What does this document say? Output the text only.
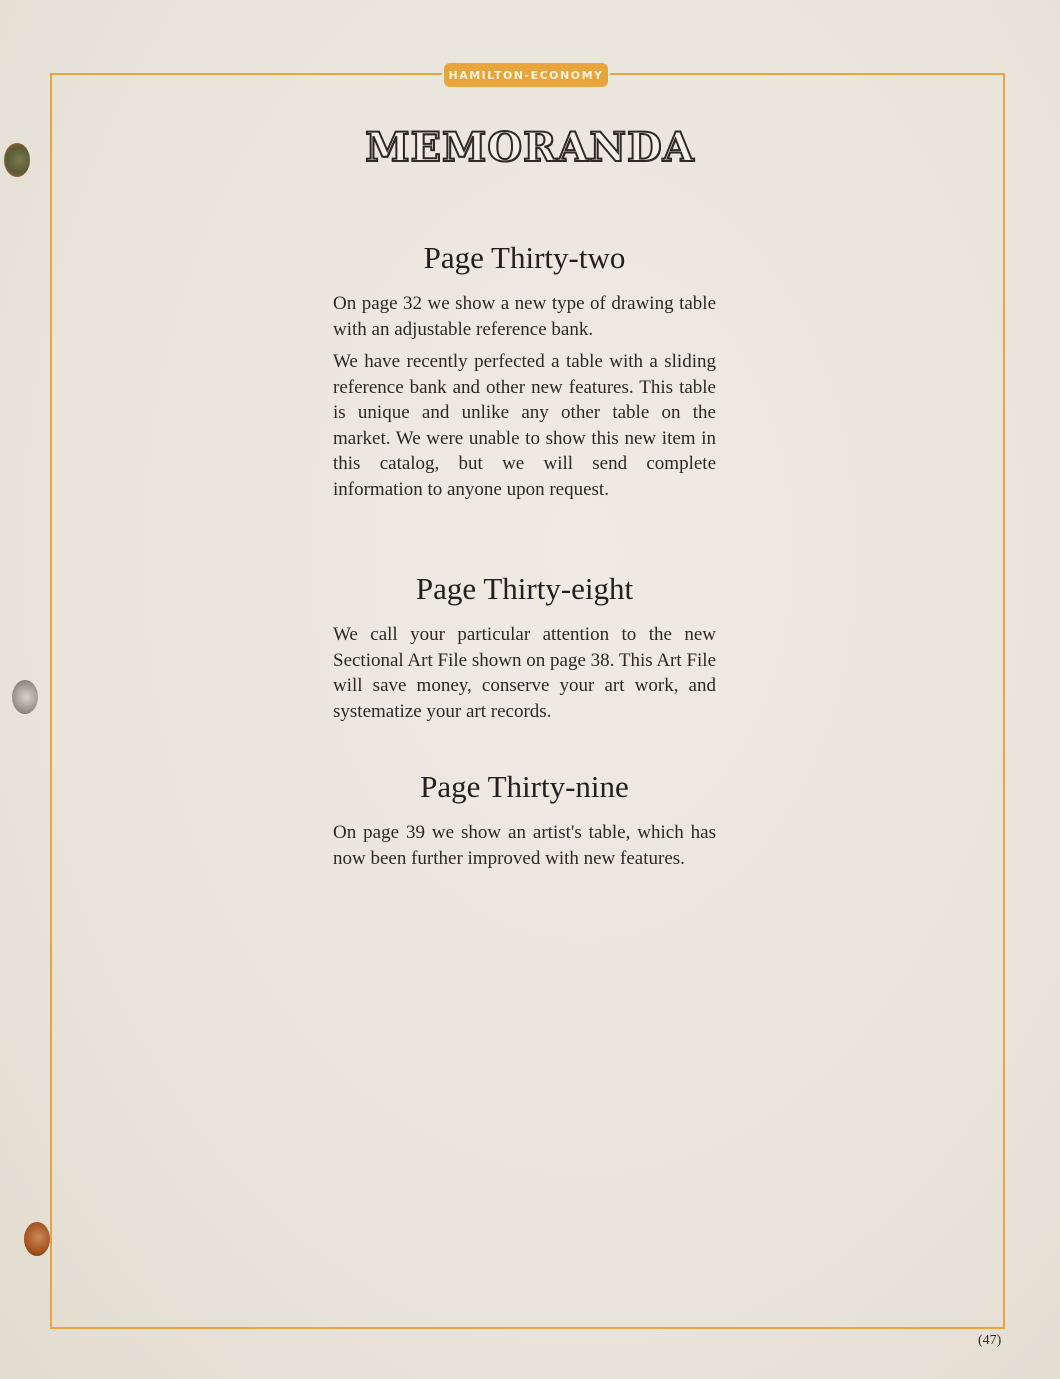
HAMILTON-ECONOMY
MEMORANDA
Page Thirty-two

On page 32 we show a new type of drawing table with an adjustable reference bank.

We have recently perfected a table with a sliding reference bank and other new features. This table is unique and unlike any other table on the market. We were unable to show this new item in this catalog, but we will send complete information to anyone upon request.

Page Thirty-eight

We call your particular attention to the new Sectional Art File shown on page 38. This Art File will save money, conserve your art work, and systematize your art records.

Page Thirty-nine

On page 39 we show an artist's table, which has now been further improved with new features.

(47)
